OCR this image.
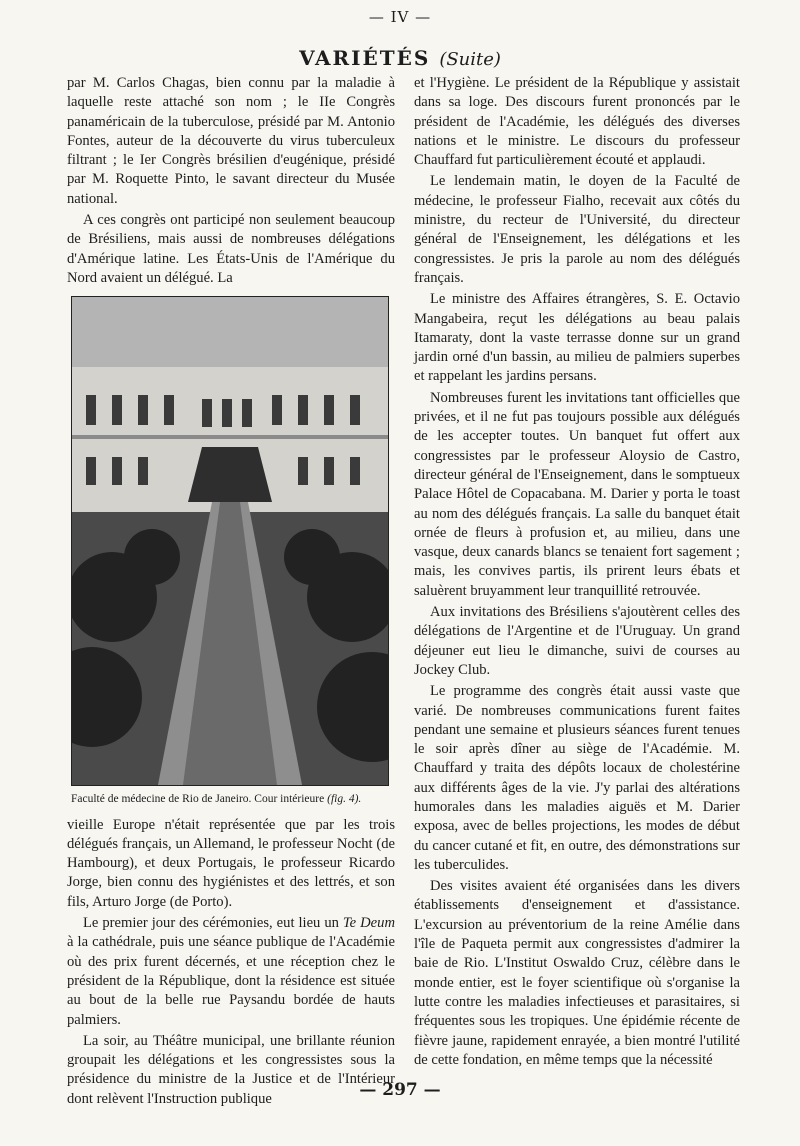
— IV —
VARIÉTÉS (Suite)

par M. Carlos Chagas, bien connu par la maladie à laquelle reste attaché son nom ; le IIe Congrès panaméricain de la tuberculose, présidé par M. Antonio Fontes, auteur de la découverte du virus tuberculeux filtrant ; le Ier Congrès brésilien d'eugénique, présidé par M. Roquette Pinto, le savant directeur du Musée national.

A ces congrès ont participé non seulement beaucoup de Brésiliens, mais aussi de nombreuses délégations d'Amérique latine. Les États-Unis de l'Amérique du Nord avaient un délégué. La

Faculté de médecine de Rio de Janeiro. Cour intérieure (fig. 4).

vieille Europe n'était représentée que par les trois délégués français, un Allemand, le professeur Nocht (de Hambourg), et deux Portugais, le professeur Ricardo Jorge, bien connu des hygiénistes et des lettrés, et son fils, Arturo Jorge (de Porto).

Le premier jour des cérémonies, eut lieu un Te Deum à la cathédrale, puis une séance publique de l'Académie où des prix furent décernés, et une réception chez le président de la République, dont la résidence est située au bout de la belle rue Paysandu bordée de hauts palmiers.

La soir, au Théâtre municipal, une brillante réunion groupait les délégations et les congressistes sous la présidence du ministre de la Justice et de l'Intérieur dont relèvent l'Instruction publique

et l'Hygiène. Le président de la République y assistait dans sa loge. Des discours furent prononcés par le président de l'Académie, les délégués des diverses nations et le ministre. Le discours du professeur Chauffard fut particulièrement écouté et applaudi.

Le lendemain matin, le doyen de la Faculté de médecine, le professeur Fialho, recevait aux côtés du ministre, du recteur de l'Université, du directeur général de l'Enseignement, les délégations et les congressistes. Je pris la parole au nom des délégués français.

Le ministre des Affaires étrangères, S. E. Octavio Mangabeira, reçut les délégations au beau palais Itamaraty, dont la vaste terrasse donne sur un grand jardin orné d'un bassin, au milieu de palmiers superbes et rappelant les jardins persans.

Nombreuses furent les invitations tant officielles que privées, et il ne fut pas toujours possible aux délégués de les accepter toutes. Un banquet fut offert aux congressistes par le professeur Aloysio de Castro, directeur général de l'Enseignement, dans le somptueux Palace Hôtel de Copacabana. M. Darier y porta le toast au nom des délégués français. La salle du banquet était ornée de fleurs à profusion et, au milieu, dans une vasque, deux canards blancs se tenaient fort sagement ; mais, les convives partis, ils prirent leurs ébats et saluèrent bruyamment leur tranquillité retrouvée.

Aux invitations des Brésiliens s'ajoutèrent celles des délégations de l'Argentine et de l'Uruguay. Un grand déjeuner eut lieu le dimanche, suivi de courses au Jockey Club.

Le programme des congrès était aussi vaste que varié. De nombreuses communications furent faites pendant une semaine et plusieurs séances furent tenues le soir après dîner au siège de l'Académie. M. Chauffard y traita des dépôts locaux de cholestérine aux différents âges de la vie. J'y parlai des altérations humorales dans les maladies aiguës et M. Darier exposa, avec de belles projections, les modes de début du cancer cutané et fit, en outre, des démonstrations sur les tuberculides.

Des visites avaient été organisées dans les divers établissements d'enseignement et d'assistance. L'excursion au préventorium de la reine Amélie dans l'île de Paqueta permit aux congressistes d'admirer la baie de Rio. L'Institut Oswaldo Cruz, célèbre dans le monde entier, est le foyer scientifique où s'organise la lutte contre les maladies infectieuses et parasitaires, si fréquentes sous les tropiques. Une épidémie récente de fièvre jaune, rapidement enrayée, a bien montré l'utilité de cette fondation, en même temps que la nécessité

— 297 —
